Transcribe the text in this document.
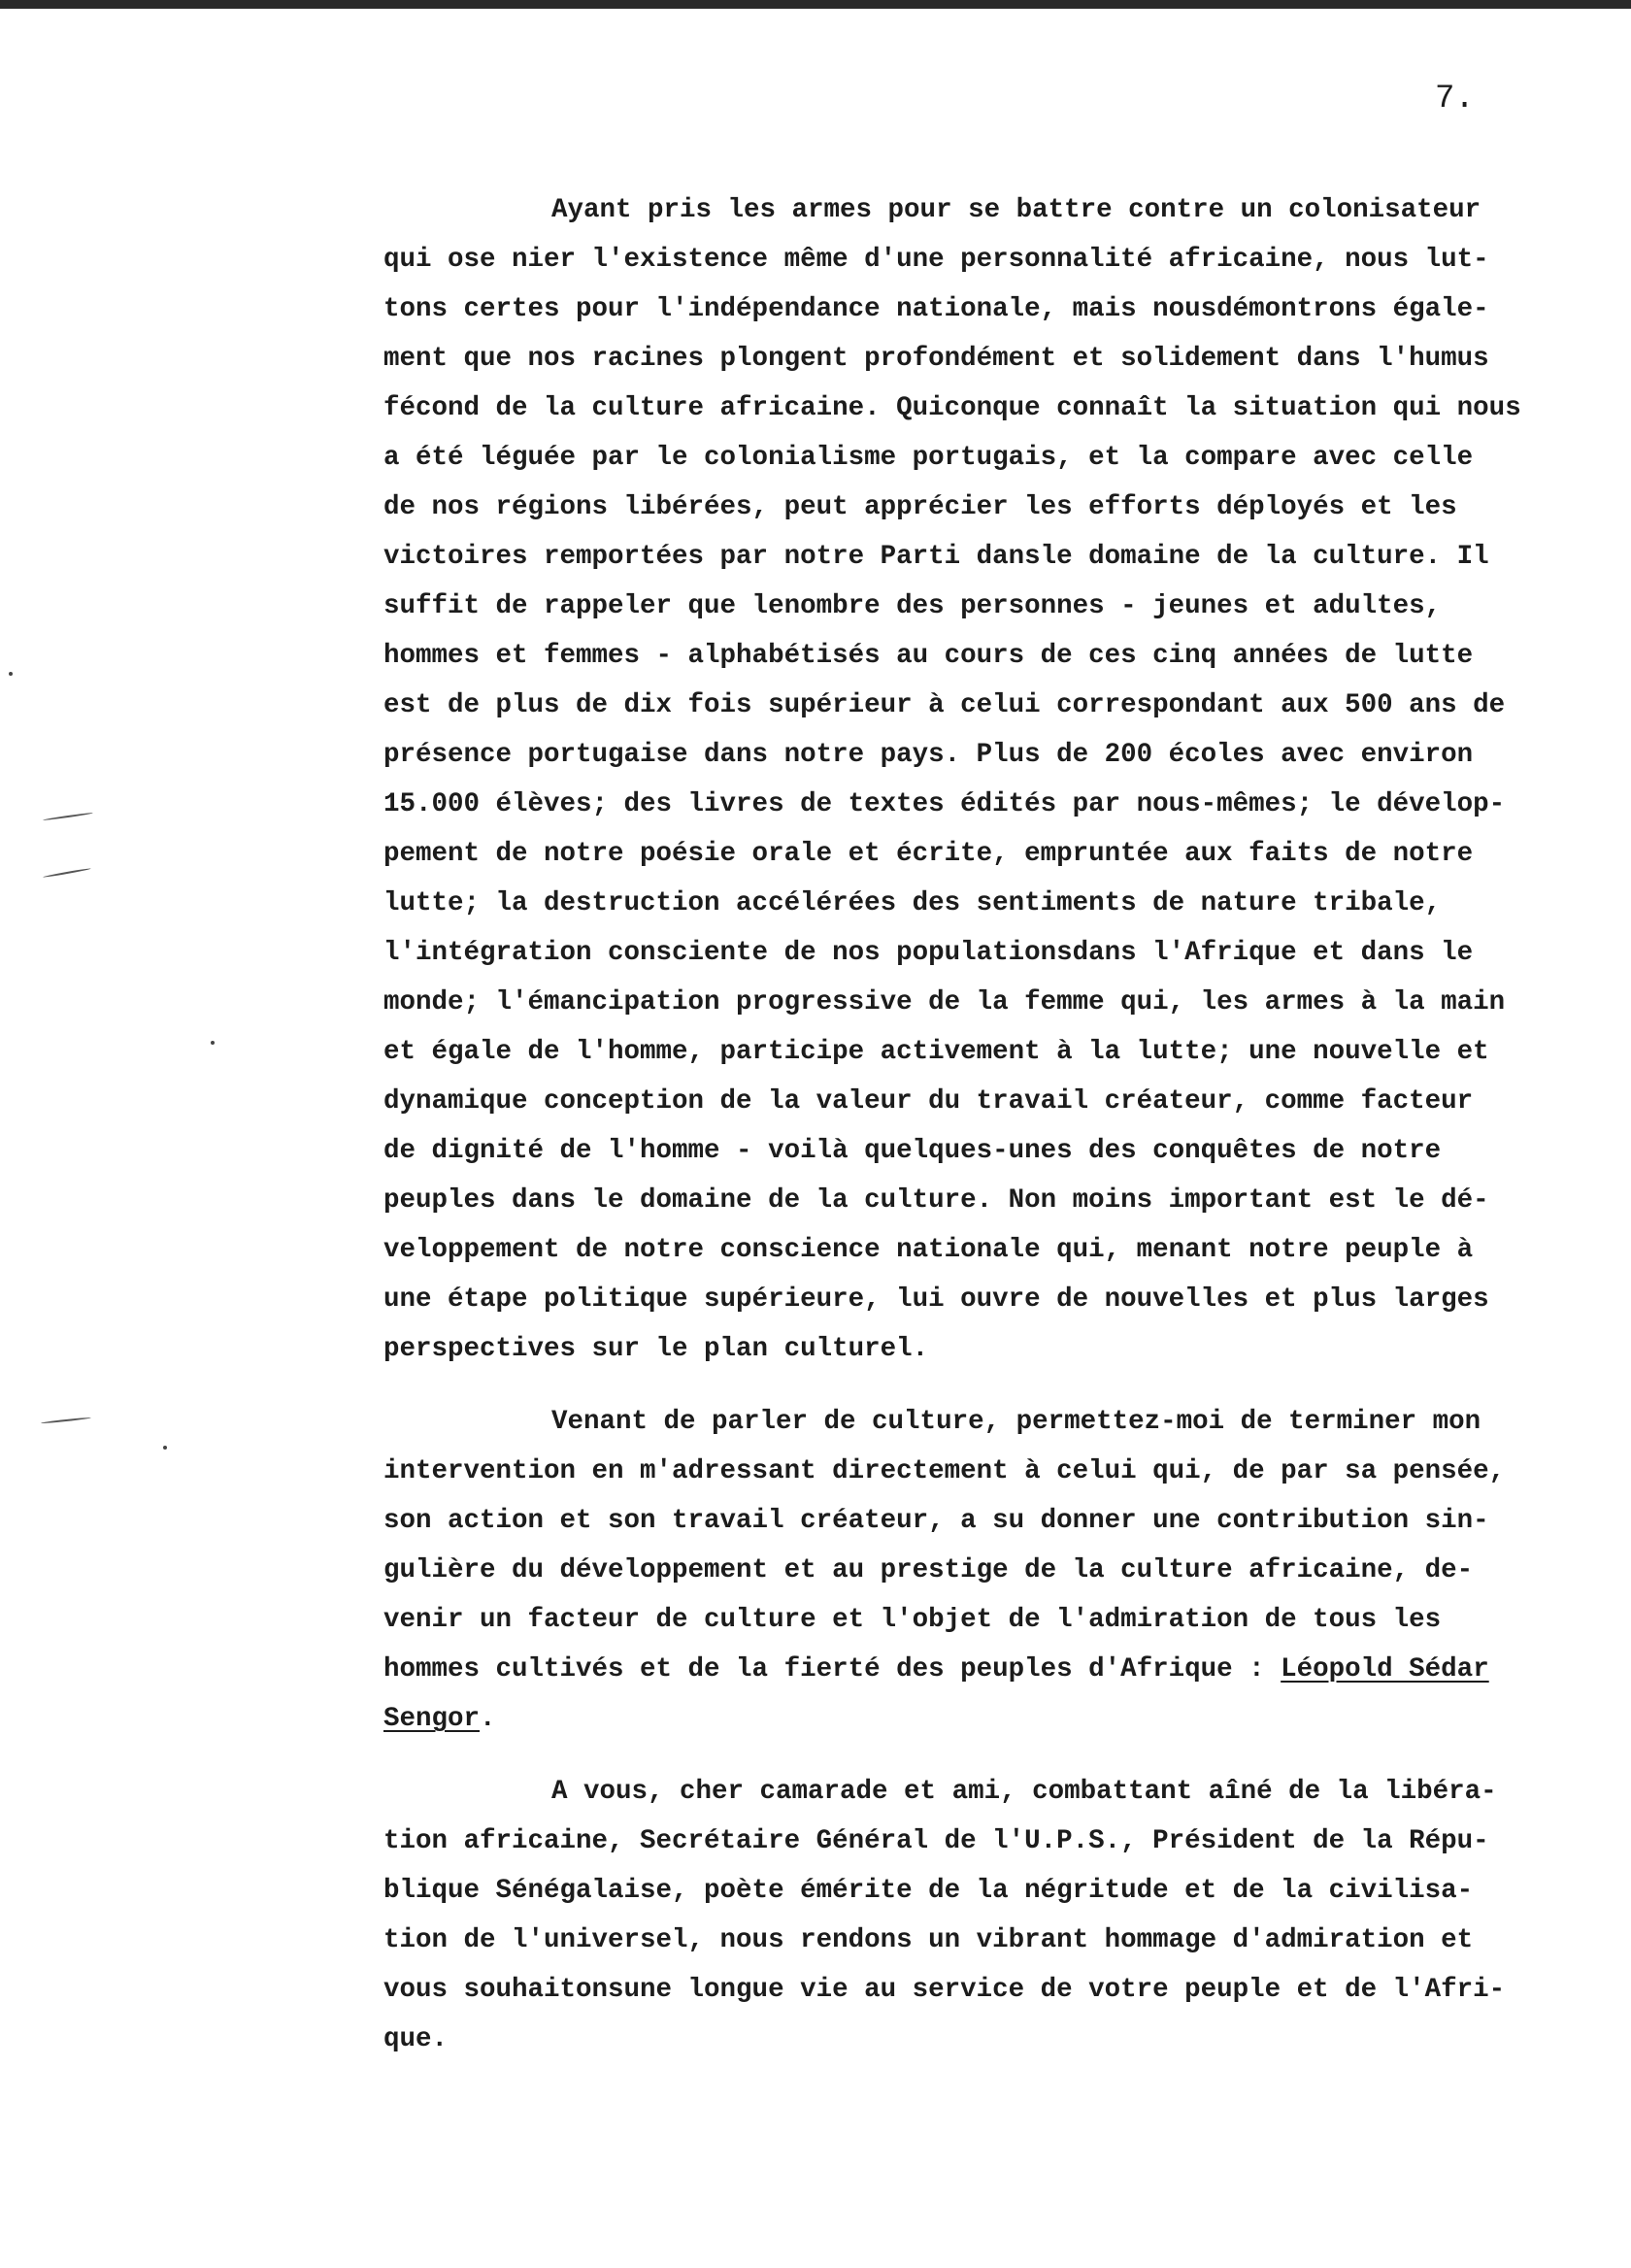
7.
Ayant pris les armes pour se battre contre un colonisateur
qui ose nier l'existence même d'une personnalité africaine, nous lut-
tons certes pour l'indépendance nationale, mais nousdémontrons égale-
ment que nos racines plongent profondément et solidement dans l'humus
fécond de la culture africaine. Quiconque connaît la situation qui nous
a été léguée par le colonialisme portugais, et la compare avec celle
de nos régions libérées, peut apprécier les efforts déployés et les
victoires remportées par notre Parti dansle domaine de la culture. Il
suffit de rappeler que lenombre des personnes - jeunes et adultes,
hommes et femmes - alphabétisés au cours de ces cinq années de lutte
est de plus de dix fois supérieur à celui correspondant aux 500 ans de
présence portugaise dans notre pays. Plus de 200 écoles avec environ
15.000 élèves; des livres de textes édités par nous-mêmes; le dévelop-
pement de notre poésie orale et écrite, empruntée aux faits de notre
lutte; la destruction accélérées des sentiments de nature tribale,
l'intégration consciente de nos populationsdans l'Afrique et dans le
monde; l'émancipation progressive de la femme qui, les armes à la main
et égale de l'homme, participe activement à la lutte; une nouvelle et
dynamique conception de la valeur du travail créateur, comme facteur
de dignité de l'homme - voilà quelques-unes des conquêtes de notre
peuples dans le domaine de la culture. Non moins important est le dé-
veloppement de notre conscience nationale qui, menant notre peuple à
une étape politique supérieure, lui ouvre de nouvelles et plus larges
perspectives sur le plan culturel.
Venant de parler de culture, permettez-moi de terminer mon
intervention en m'adressant directement à celui qui, de par sa pensée,
son action et son travail créateur, a su donner une contribution sin-
gulière du développement et au prestige de la culture africaine, de-
venir un facteur de culture et l'objet de l'admiration de tous les
hommes cultivés et de la fierté des peuples d'Afrique : Léopold Sédar
Sengor.
A vous, cher camarade et ami, combattant aîné de la libéra-
tion africaine, Secrétaire Général de l'U.P.S., Président de la Répu-
blique Sénégalaise, poète émérite de la négritude et de la civilisa-
tion de l'universel, nous rendons un vibrant hommage d'admiration et
vous souhaitonsune longue vie au service de votre peuple et de l'Afri-
que.
